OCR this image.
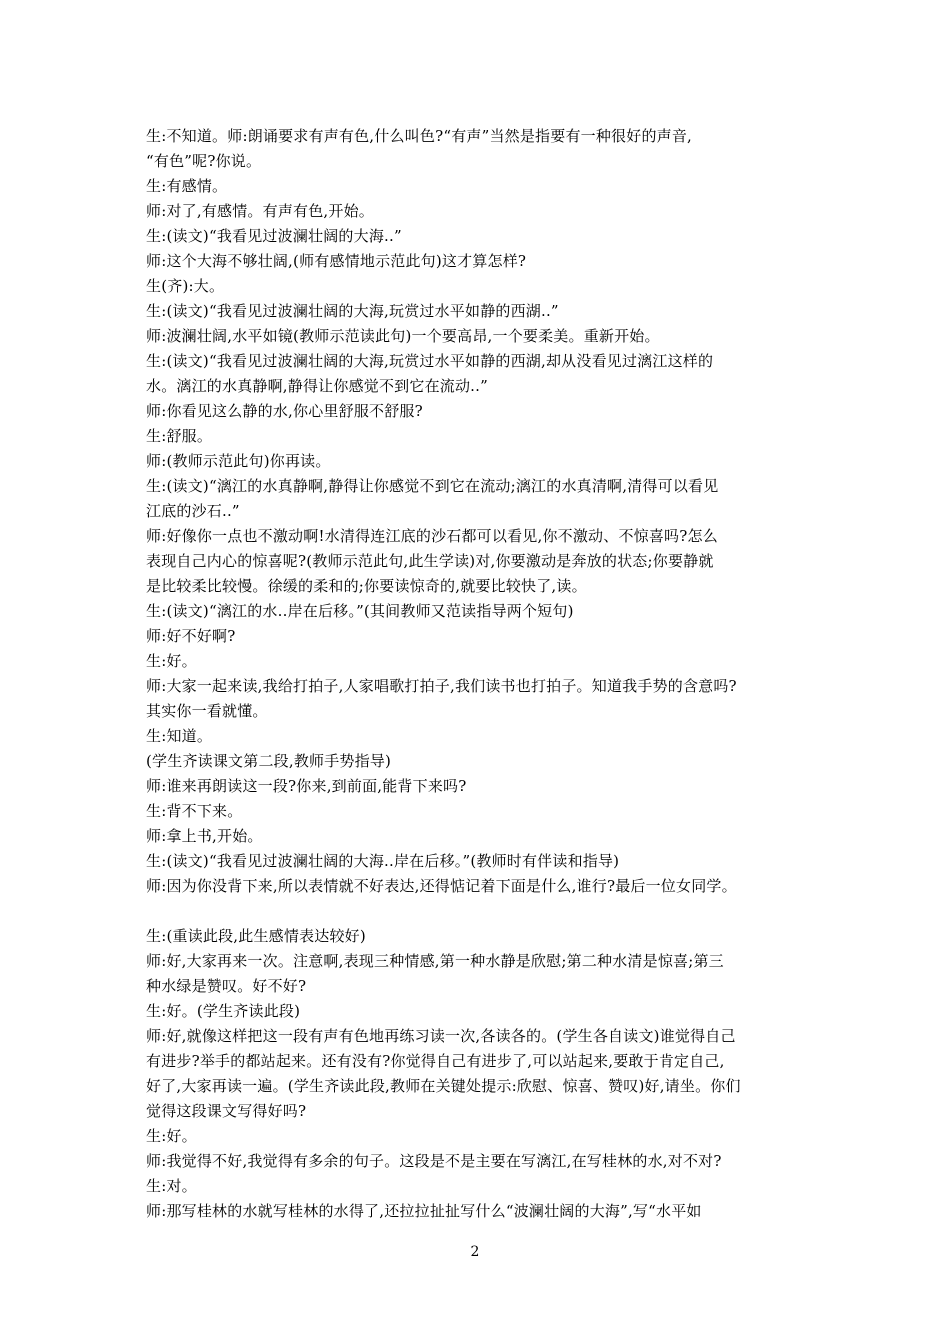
生:不知道。师:朗诵要求有声有色,什么叫色?“有声”当然是指要有一种很好的声音,

“有色”呢?你说。

生:有感情。

师:对了,有感情。有声有色,开始。

生:(读文)“我看见过波澜壮阔的大海..”

师:这个大海不够壮阔,(师有感情地示范此句)这才算怎样?

生(齐):大。

生:(读文)“我看见过波澜壮阔的大海,玩赏过水平如静的西湖..”

师:波澜壮阔,水平如镜(教师示范读此句)一个要高昂,一个要柔美。重新开始。

生:(读文)“我看见过波澜壮阔的大海,玩赏过水平如静的西湖,却从没看见过漓江这样的

水。漓江的水真静啊,静得让你感觉不到它在流动..”

师:你看见这么静的水,你心里舒服不舒服?

生:舒服。

师:(教师示范此句)你再读。

生:(读文)“漓江的水真静啊,静得让你感觉不到它在流动;漓江的水真清啊,清得可以看见

江底的沙石..”

师:好像你一点也不激动啊!水清得连江底的沙石都可以看见,你不激动、不惊喜吗?怎么

表现自己内心的惊喜呢?(教师示范此句,此生学读)对,你要激动是奔放的状态;你要静就

是比较柔比较慢。徐缓的柔和的;你要读惊奇的,就要比较快了,读。

生:(读文)“漓江的水..岸在后移。”(其间教师又范读指导两个短句)

师:好不好啊?

生:好。

师:大家一起来读,我给打拍子,人家唱歌打拍子,我们读书也打拍子。知道我手势的含意吗?

其实你一看就懂。

生:知道。

(学生齐读课文第二段,教师手势指导)

师:谁来再朗读这一段?你来,到前面,能背下来吗?

生:背不下来。

师:拿上书,开始。

生:(读文)“我看见过波澜壮阔的大海..岸在后移。”(教师时有伴读和指导)

师:因为你没背下来,所以表情就不好表达,还得惦记着下面是什么,谁行?最后一位女同学。

生:(重读此段,此生感情表达较好)

师:好,大家再来一次。注意啊,表现三种情感,第一种水静是欣慰;第二种水清是惊喜;第三

种水绿是赞叹。好不好?

生:好。(学生齐读此段)

师:好,就像这样把这一段有声有色地再练习读一次,各读各的。(学生各自读文)谁觉得自己

有进步?举手的都站起来。还有没有?你觉得自己有进步了,可以站起来,要敢于肯定自己,

好了,大家再读一遍。(学生齐读此段,教师在关键处提示:欣慰、惊喜、赞叹)好,请坐。你们

觉得这段课文写得好吗?

生:好。

师:我觉得不好,我觉得有多余的句子。这段是不是主要在写漓江,在写桂林的水,对不对?

生:对。

师:那写桂林的水就写桂林的水得了,还拉拉扯扯写什么“波澜壮阔的大海”,写“水平如

2
